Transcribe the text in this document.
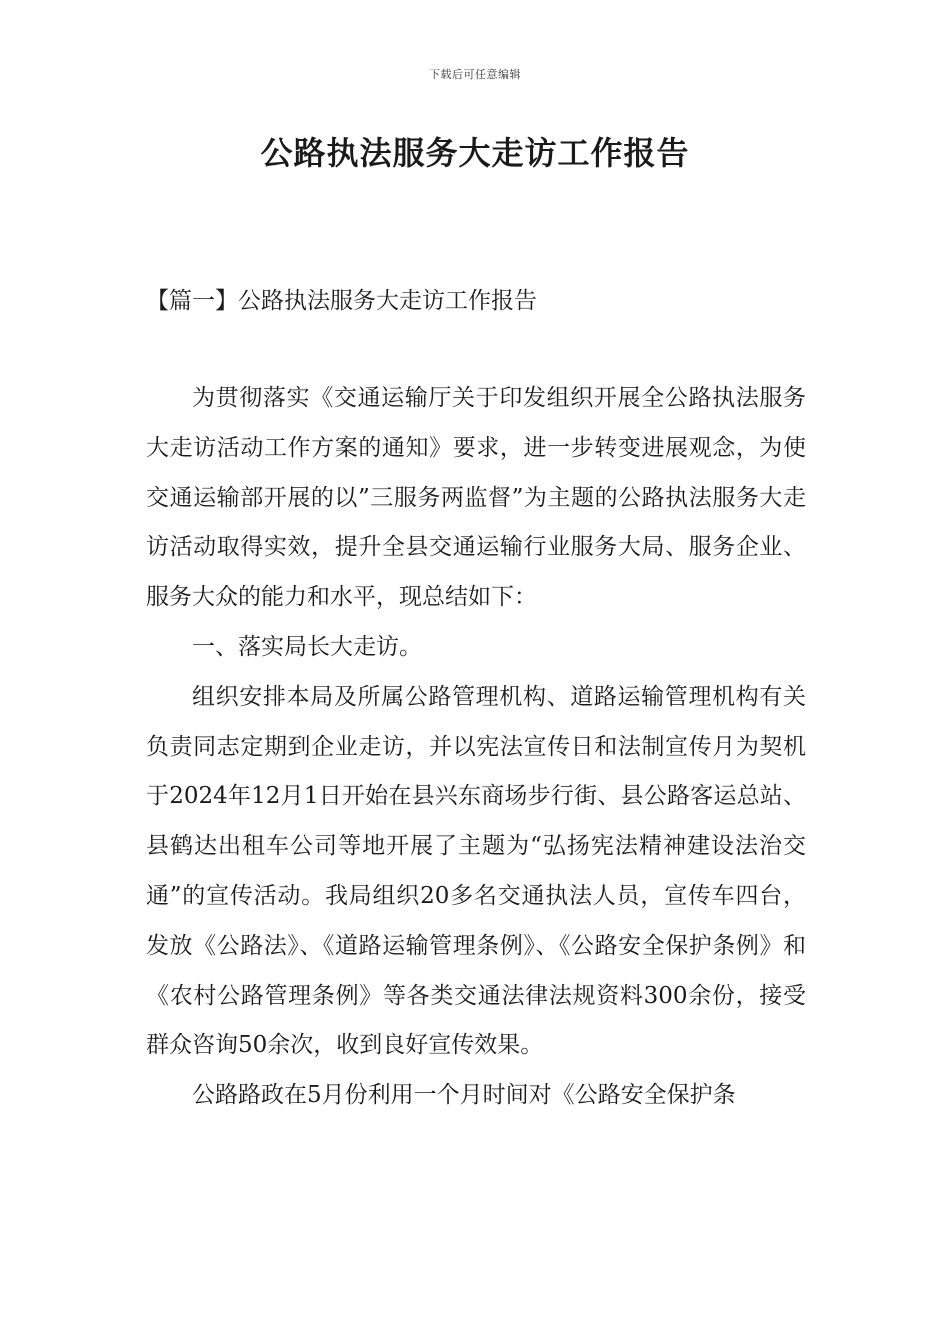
下载后可任意编辑
公路执法服务大走访工作报告
【篇一】公路执法服务大走访工作报告

为贯彻落实《交通运输厅关于印发组织开展全公路执法服务大走访活动工作方案的通知》要求，进一步转变进展观念，为使交通运输部开展的以”三服务两监督”为主题的公路执法服务大走访活动取得实效，提升全县交通运输行业服务大局、服务企业、服务大众的能力和水平，现总结如下：

一、落实局长大走访。

组织安排本局及所属公路管理机构、道路运输管理机构有关负责同志定期到企业走访，并以宪法宣传日和法制宣传月为契机于2024年12月1日开始在县兴东商场步行街、县公路客运总站、县鹤达出租车公司等地开展了主题为“弘扬宪法精神建设法治交通”的宣传活动。我局组织20多名交通执法人员，宣传车四台，发放《公路法》、《道路运输管理条例》、《公路安全保护条例》和《农村公路管理条例》等各类交通法律法规资料300余份，接受群众咨询50余次，收到良好宣传效果。

公路路政在5月份利用一个月时间对《公路安全保护条
